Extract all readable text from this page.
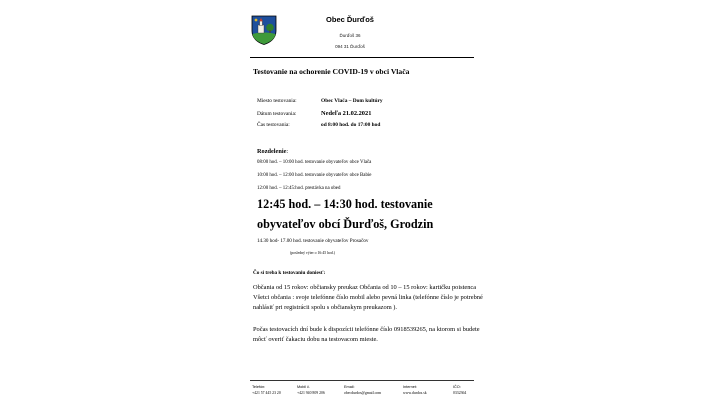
Obec Ďurďoš
Ďurďoš 36
094 31 Ďurďoš
Testovanie na ochorenie COVID-19 v obci Vlača
Miesto testovania:	Obec Vlača – Dom kultúry
Dátum testovania:	Nedeľa 21.02.2021
Čas testovania:	od 8:00 hod. do 17:00 hod
Rozdelenie:
08:00 hod. – 10:00 hod. testovanie obyvateľov obce Vlača
10:00 hod. – 12:00 hod. testovanie obyvateľov obce Babie
12:00 hod. – 12:45:hod. prestávka na obed
12:45 hod. – 14:30 hod. testovanie
obyvateľov obcí Ďurďoš, Grodzin
14.30 hod- 17.00 hod. testovanie obyvateľov Prosačov
(posledný výter o 16:45 hod.)
Čo si treba k testovaniu doniesť:
Občania od 15 rokov: občiansky preukaz Občania od 10 – 15 rokov: kartičku poistenca Všetci občania : svoje telefónne číslo mobil alebo pevná linka (telefónne číslo je potrebné nahlásiť pri registrácii spolu s občianskym preukazom ).
Počas testovacích dní bude k dispozícii telefónne číslo 0918539265, na ktorom si budete môcť overiť čakaciu dobu na testovacom mieste.
Telefón:
+421 57 445 23 20
Mobil č.
+421 940 809 206
Email:
obecdurdos@gmail.com
Internet:
www.durdos.sk
IČO:
0332364
